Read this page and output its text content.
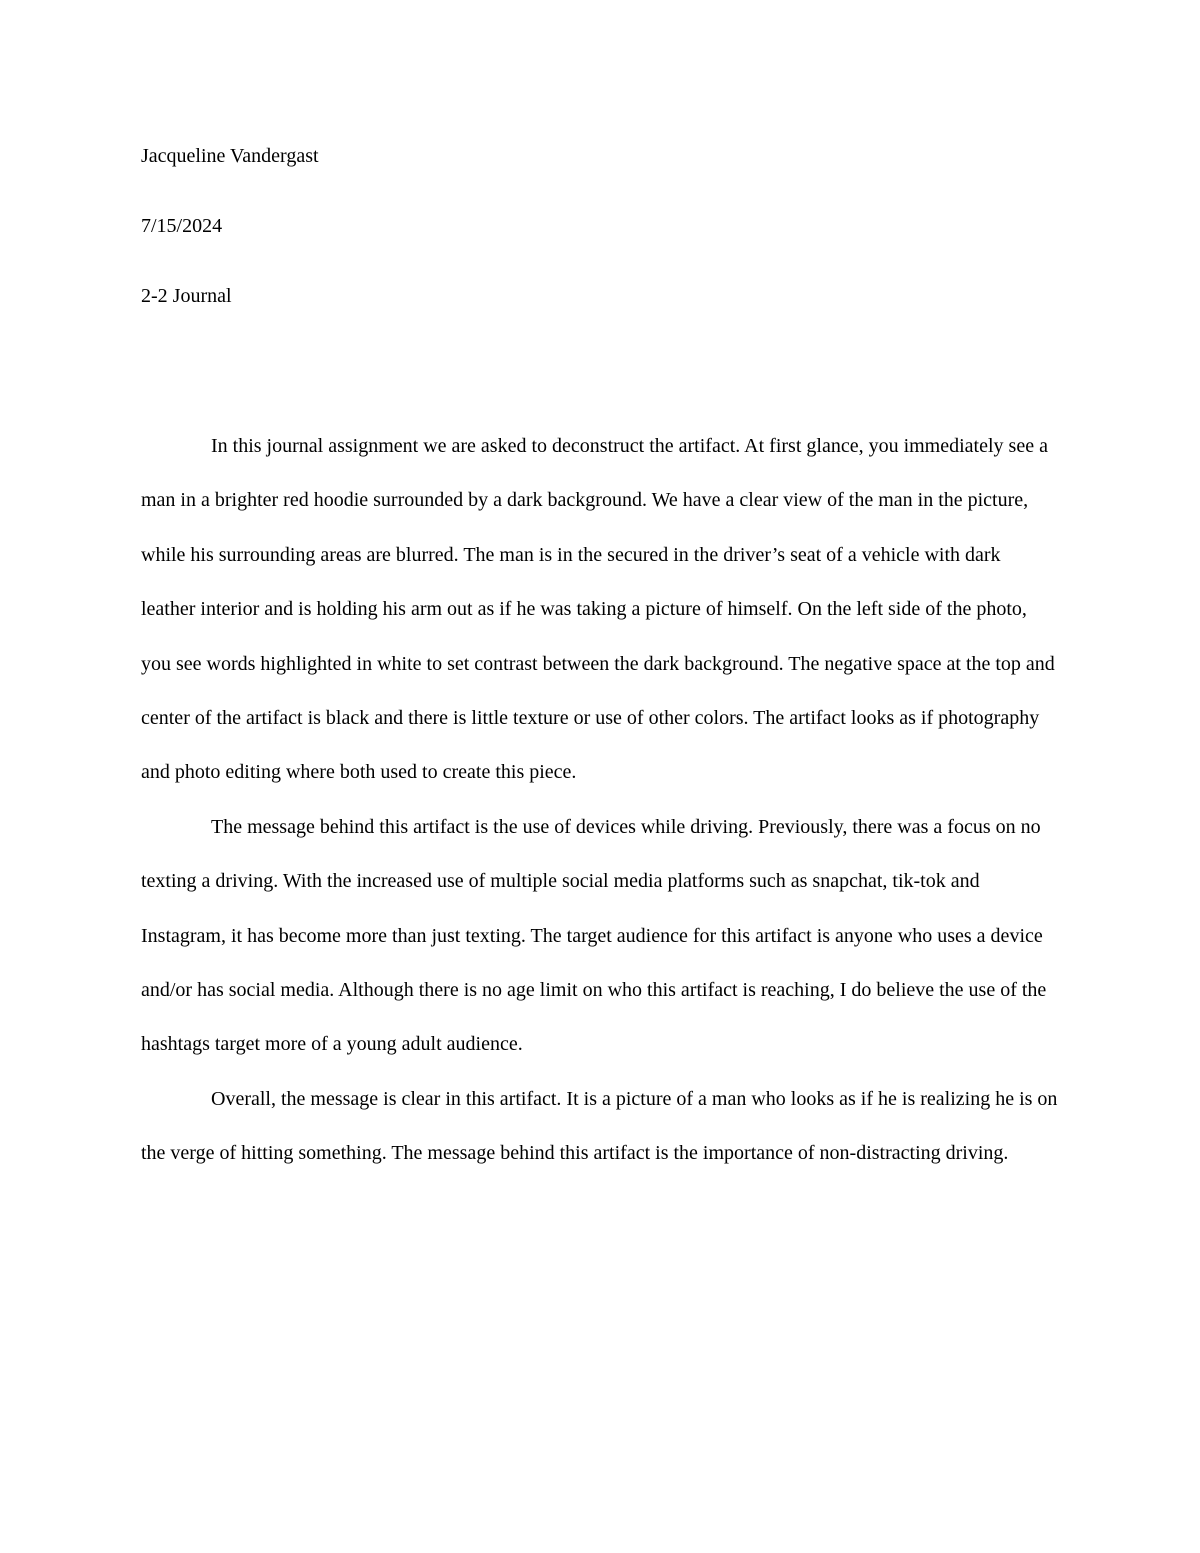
Jacqueline Vandergast

7/15/2024

2-2 Journal

In this journal assignment we are asked to deconstruct the artifact. At first glance, you immediately see a man in a brighter red hoodie surrounded by a dark background. We have a clear view of the man in the picture, while his surrounding areas are blurred. The man is in the secured in the driver’s seat of a vehicle with dark leather interior and is holding his arm out as if he was taking a picture of himself. On the left side of the photo, you see words highlighted in white to set contrast between the dark background. The negative space at the top and center of the artifact is black and there is little texture or use of other colors. The artifact looks as if photography and photo editing where both used to create this piece.

The message behind this artifact is the use of devices while driving. Previously, there was a focus on no texting a driving. With the increased use of multiple social media platforms such as snapchat, tik-tok and Instagram, it has become more than just texting. The target audience for this artifact is anyone who uses a device and/or has social media. Although there is no age limit on who this artifact is reaching, I do believe the use of the hashtags target more of a young adult audience.

Overall, the message is clear in this artifact. It is a picture of a man who looks as if he is realizing he is on the verge of hitting something. The message behind this artifact is the importance of non-distracting driving.
